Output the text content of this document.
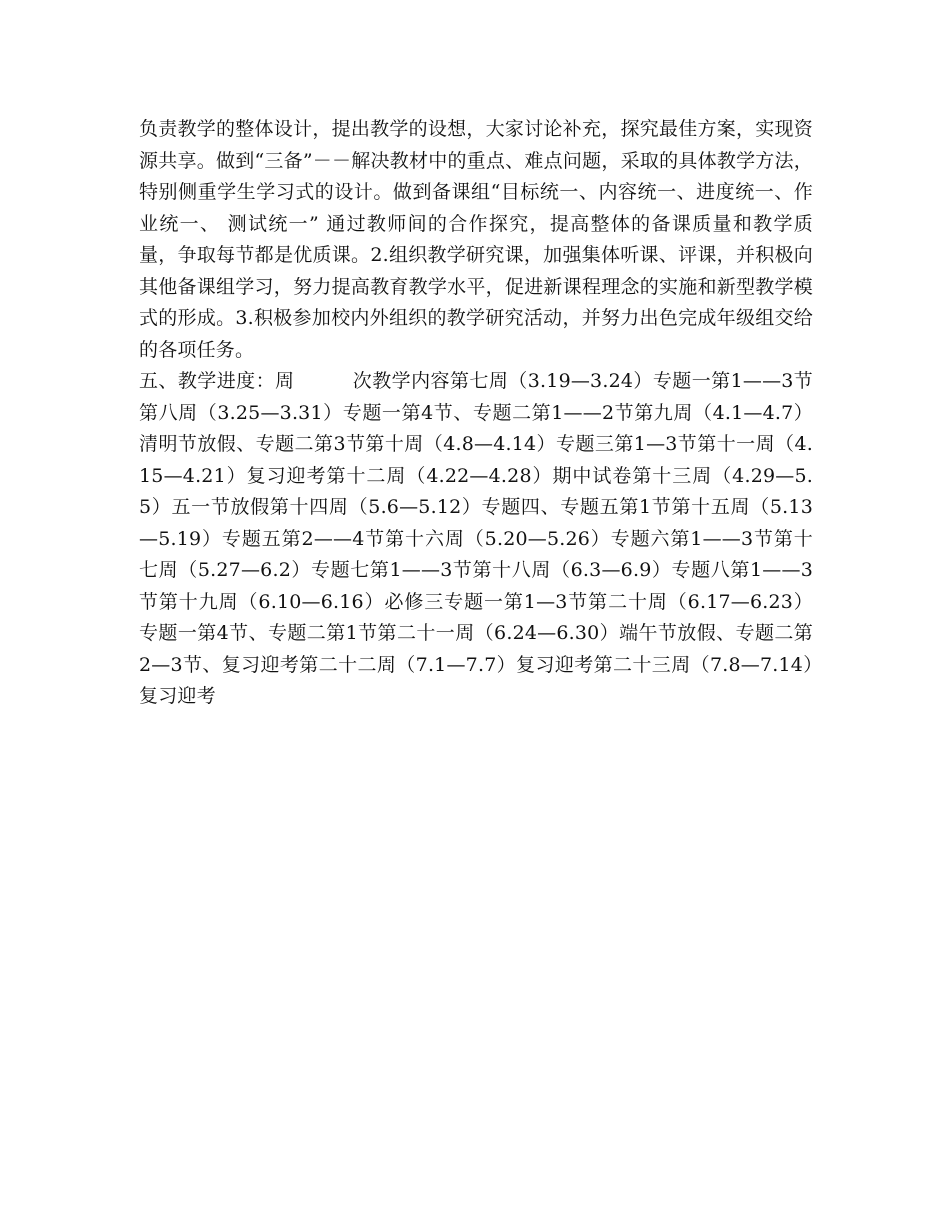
负责教学的整体设计，提出教学的设想，大家讨论补充，探究最佳方案，实现资源共享。做到“三备”－－解决教材中的重点、难点问题，采取的具体教学方法，特别侧重学生学习式的设计。做到备课组“目标统一、内容统一、进度统一、作业统一、 测试统一” 通过教师间的合作探究，提高整体的备课质量和教学质量，争取每节都是优质课。2.组织教学研究课，加强集体听课、评课，并积极向其他备课组学习，努力提高教育教学水平，促进新课程理念的实施和新型教学模式的形成。3.积极参加校内外组织的教学研究活动，并努力出色完成年级组交给的各项任务。

五、教学进度：周　　　次教学内容第七周（3.19—3.24）专题一第1——3节第八周（3.25—3.31）专题一第4节、专题二第1——2节第九周（4.1—4.7）清明节放假、专题二第3节第十周（4.8—4.14）专题三第1—3节第十一周（4.15—4.21）复习迎考第十二周（4.22—4.28）期中试卷第十三周（4.29—5.5）五一节放假第十四周（5.6—5.12）专题四、专题五第1节第十五周（5.13—5.19）专题五第2——4节第十六周（5.20—5.26）专题六第1——3节第十七周（5.27—6.2）专题七第1——3节第十八周（6.3—6.9）专题八第1——3节第十九周（6.10—6.16）必修三专题一第1—3节第二十周（6.17—6.23）专题一第4节、专题二第1节第二十一周（6.24—6.30）端午节放假、专题二第2—3节、复习迎考第二十二周（7.1—7.7）复习迎考第二十三周（7.8—7.14）复习迎考
